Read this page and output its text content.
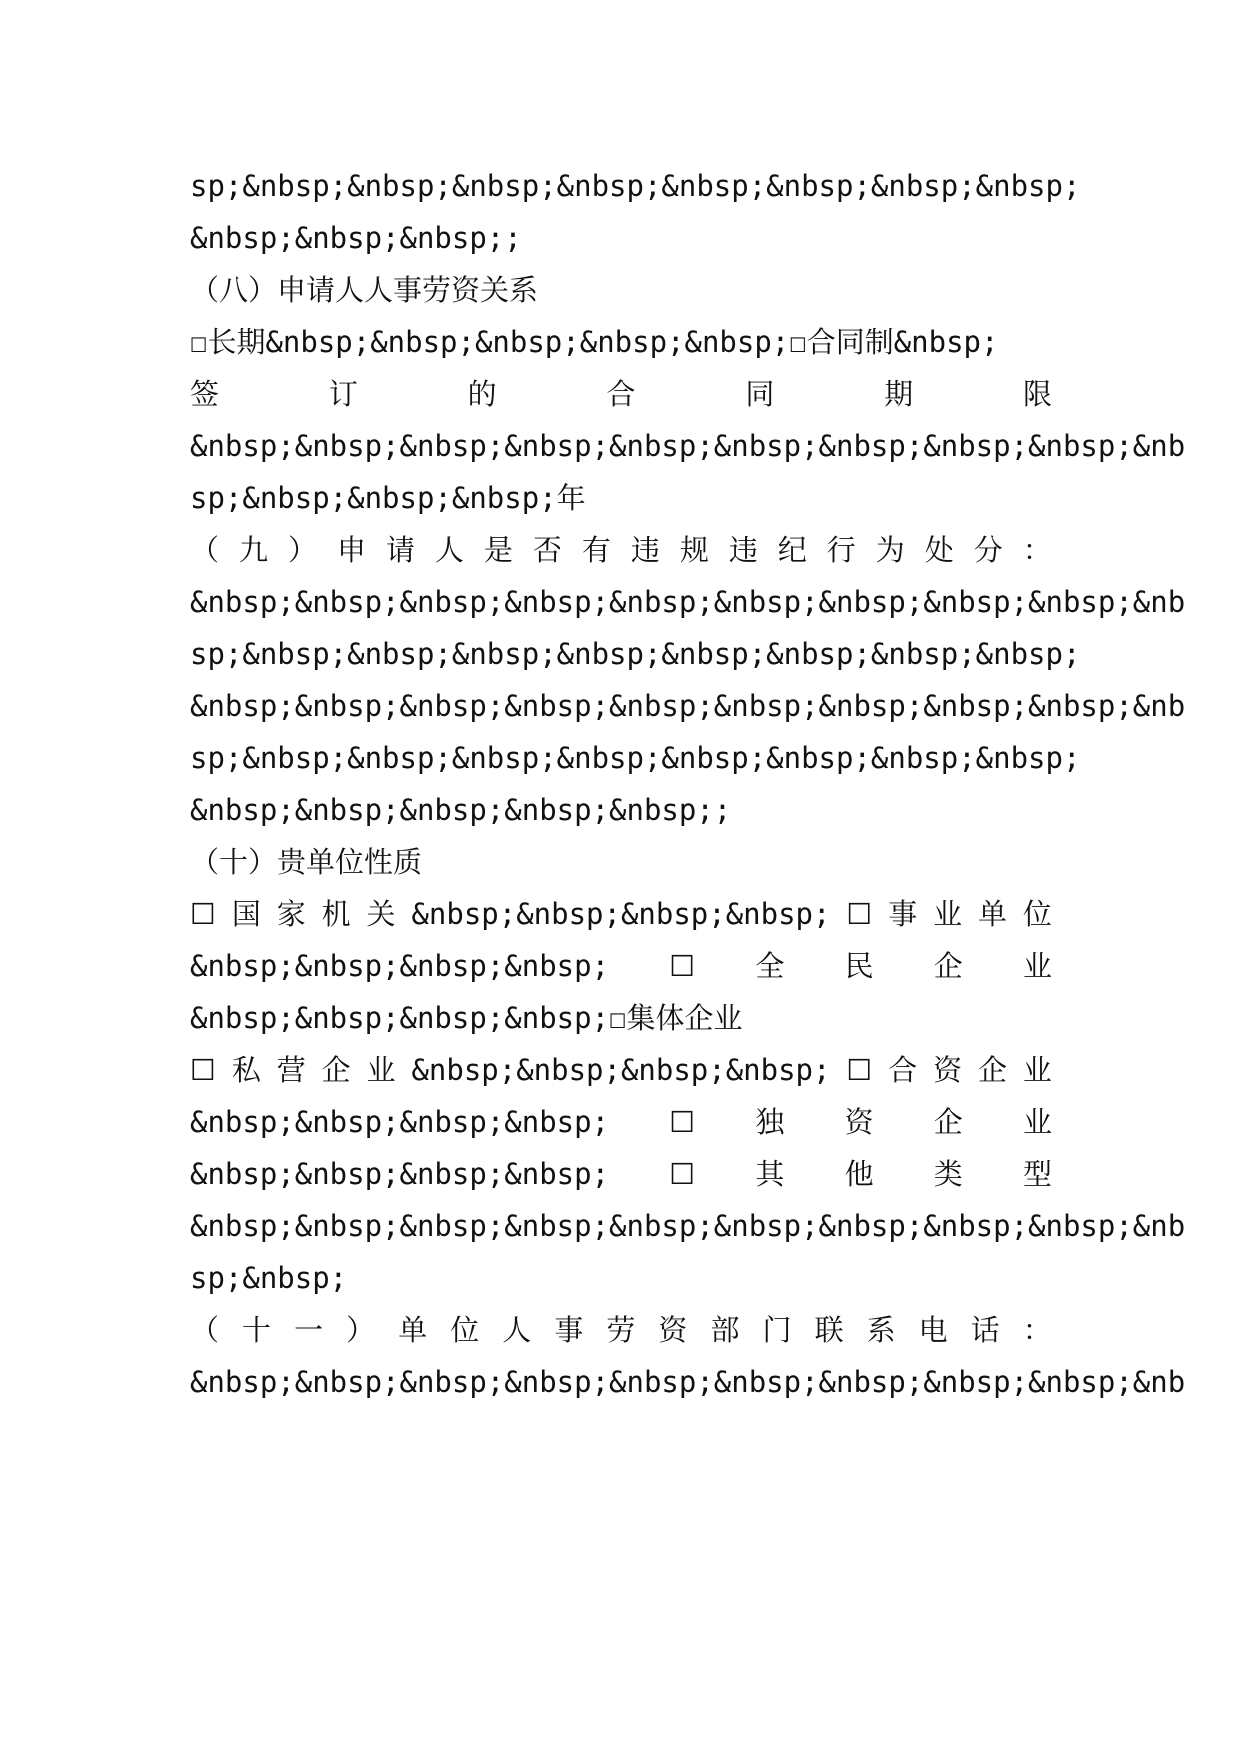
sp;&nbsp;&nbsp;&nbsp;&nbsp;&nbsp;&nbsp;&nbsp;&nbsp;
&nbsp;&nbsp;&nbsp;;
（八）申请人人事劳资关系
☐长期&nbsp;&nbsp;&nbsp;&nbsp;&nbsp;☐合同制&nbsp;
签	订	的	合	同	期	限
&nbsp;&nbsp;&nbsp;&nbsp;&nbsp;&nbsp;&nbsp;&nbsp;&nbsp;&nb
sp;&nbsp;&nbsp;&nbsp;年
（ 九 ） 申 请 人 是 否 有 违 规 违 纪 行 为 处 分 ：
&nbsp;&nbsp;&nbsp;&nbsp;&nbsp;&nbsp;&nbsp;&nbsp;&nbsp;&nb
sp;&nbsp;&nbsp;&nbsp;&nbsp;&nbsp;&nbsp;&nbsp;&nbsp;
&nbsp;&nbsp;&nbsp;&nbsp;&nbsp;&nbsp;&nbsp;&nbsp;&nbsp;&nb
sp;&nbsp;&nbsp;&nbsp;&nbsp;&nbsp;&nbsp;&nbsp;&nbsp;
&nbsp;&nbsp;&nbsp;&nbsp;&nbsp;;
（十）贵单位性质
☐ 国 家 机 关 &nbsp;&nbsp;&nbsp;&nbsp; ☐ 事 业 单 位
&nbsp;&nbsp;&nbsp;&nbsp; ☐ 全 民 企 业
&nbsp;&nbsp;&nbsp;&nbsp;☐集体企业
☐ 私 营 企 业 &nbsp;&nbsp;&nbsp;&nbsp; ☐ 合 资 企 业
&nbsp;&nbsp;&nbsp;&nbsp; ☐ 独 资 企 业
&nbsp;&nbsp;&nbsp;&nbsp; ☐ 其 他 类 型
&nbsp;&nbsp;&nbsp;&nbsp;&nbsp;&nbsp;&nbsp;&nbsp;&nbsp;&nb
sp;&nbsp;
（ 十 一 ） 单 位 人 事 劳 资 部 门 联 系 电 话 ：
&nbsp;&nbsp;&nbsp;&nbsp;&nbsp;&nbsp;&nbsp;&nbsp;&nbsp;&nb
